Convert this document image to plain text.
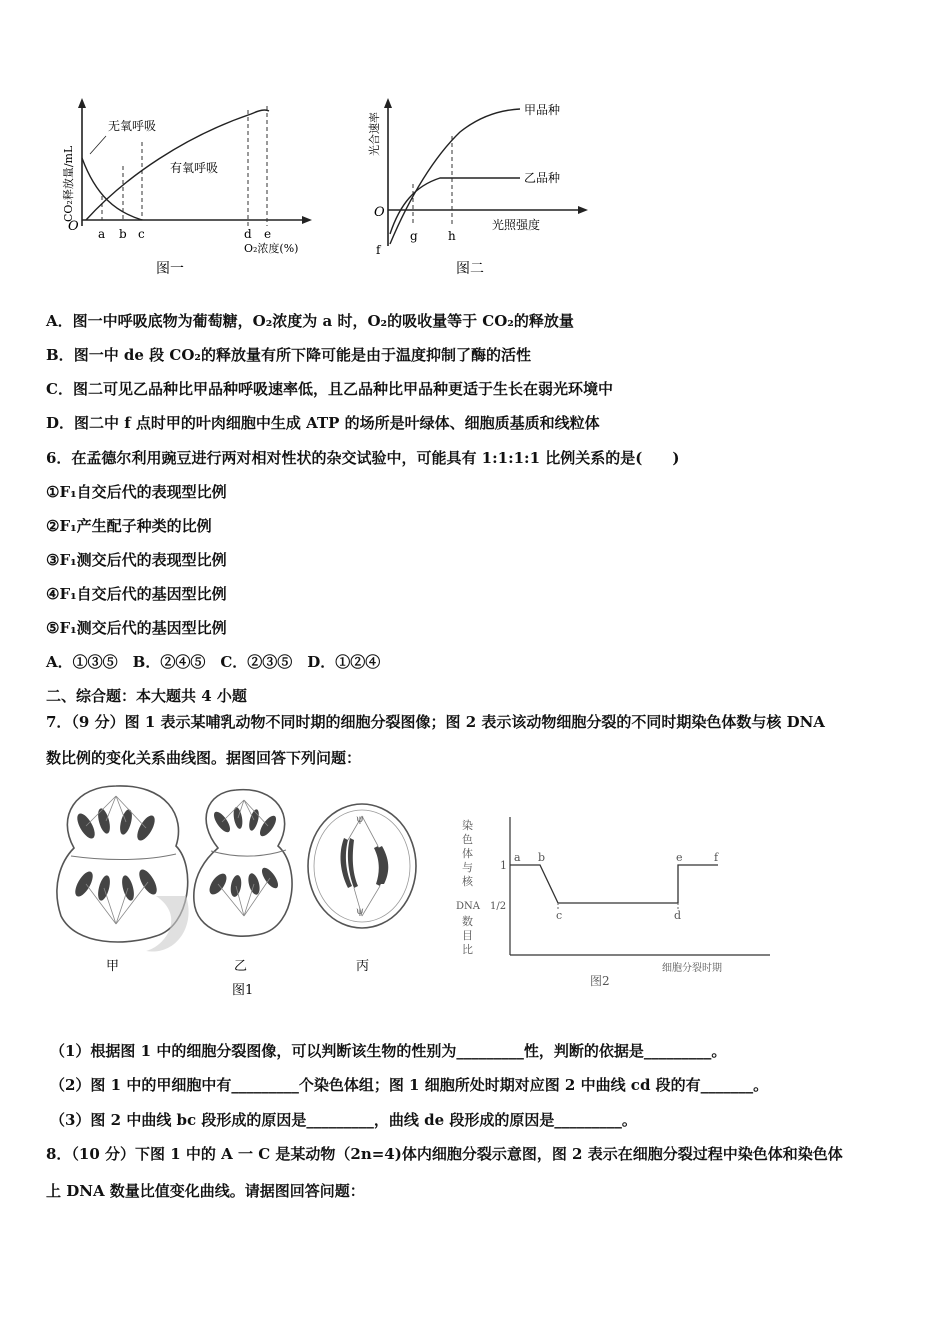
无氧呼吸
有氧呼吸
O a b c	d e
O₂浓度(%)
CO₂释放量/mL
图一
甲品种
乙品种
O
f
g	h
光照强度
光合速率
图二
A．图一中呼吸底物为葡萄糖，O₂浓度为 a 时，O₂的吸收量等于 CO₂的释放量
B．图一中 de 段 CO₂的释放量有所下降可能是由于温度抑制了酶的活性
C．图二可见乙品种比甲品种呼吸速率低，且乙品种比甲品种更适于生长在弱光环境中
D．图二中 f 点时甲的叶肉细胞中生成 ATP 的场所是叶绿体、细胞质基质和线粒体
6．在孟德尔利用豌豆进行两对相对性状的杂交试验中，可能具有 1:1:1:1 比例关系的是(　　)
①F₁自交后代的表现型比例
②F₁产生配子种类的比例
③F₁测交后代的表现型比例
④F₁自交后代的基因型比例
⑤F₁测交后代的基因型比例
A．①③⑤　B．②④⑤　C．②③⑤　D．①②④
二、综合题：本大题共 4 小题
7．（9 分）图 1 表示某哺乳动物不同时期的细胞分裂图像；图 2 表示该动物细胞分裂的不同时期染色体数与核 DNA
数比例的变化关系曲线图。据图回答下列问题：
ψ
ψ
甲	乙	丙
图1
染
色
体
与
核
DNA
数
目
比
1
1/2
a b
c	d
e	f
细胞分裂时期
图2
（1）根据图 1 中的细胞分裂图像，可以判断该生物的性别为_________性，判断的依据是_________。
（2）图 1 中的甲细胞中有_________个染色体组；图 1 细胞所处时期对应图 2 中曲线 cd 段的有_______。
（3）图 2 中曲线 bc 段形成的原因是_________，曲线 de 段形成的原因是_________。
8．（10 分）下图 1 中的 A 一 C 是某动物（2n=4)体内细胞分裂示意图，图 2 表示在细胞分裂过程中染色体和染色体
上 DNA 数量比值变化曲线。请据图回答问题：
